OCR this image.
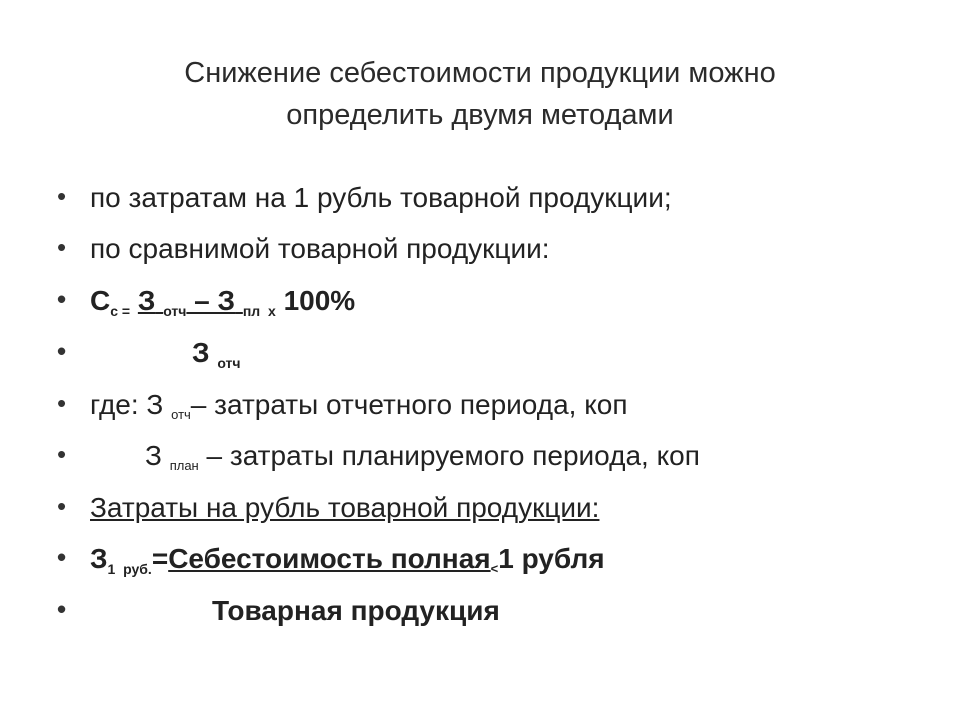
Снижение себестоимости продукции можно
определить двумя методами
• по затратам на 1 рубль товарной продукции;
• по сравнимой товарной продукции:
• $С_{с =}$ З $_{отч}$ – З $_{пл}$ $_х$ 100%
•	З $_{отч}$
• где: З $_{отч}$– затраты отчетного периода, коп
•	З $_{план}$ – затраты планируемого периода, коп
• Затраты на рубль товарной продукции:
• $З_1$ $_{руб.}$=Себестоимость полная$_<$1 рубля
•	Товарная продукция
